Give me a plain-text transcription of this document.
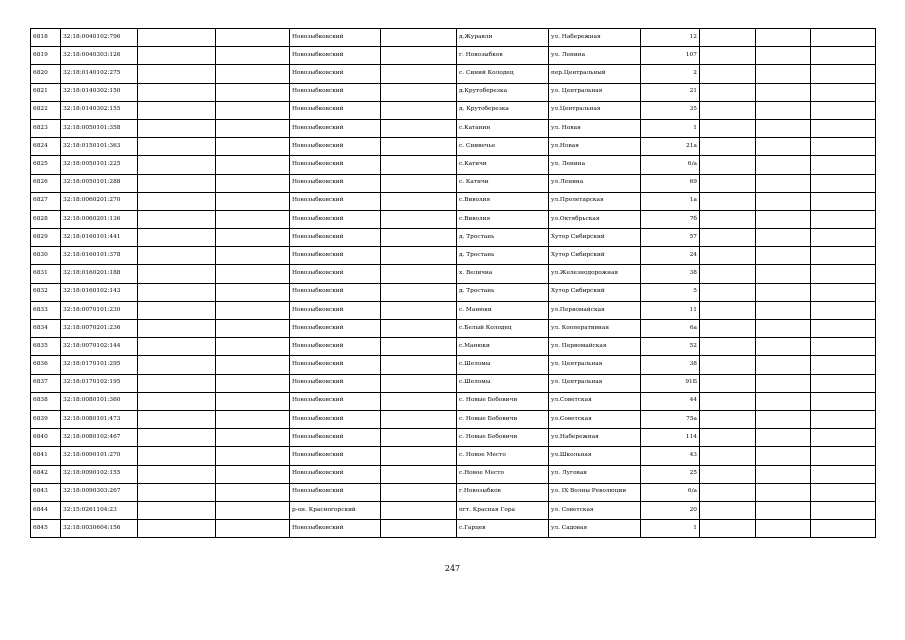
6818	32:18:0040102:796			Новозыбковский		д.Журавли	ул. Набережная	12			
6819	32:18:0040303:126			Новозыбковский		г. Новозыбков	ул. Ленина	107			
6820	32:18:0140102:275			Новозыбковский		с. Синий Колодец	пер.Центральный	2			
6821	32:18:0140302:150			Новозыбковский		д.Крутоберезка	ул. Центральная	21			
6822	32:18:0140302:155			Новозыбковский		д. Крутоберезка	ул.Центральная	35			
6823	32:18:0050101:358			Новозыбковский		с.Катанин	ул. Новая	1			
6824	32:18:0150101:363			Новозыбковский		с. Снивечье	ул.Новая	21а			
6825	32:18:0050101:225			Новозыбковский		с.Катичи	ул. Ленина	6/а			
6826	32:18:0050101:288			Новозыбковский		с. Катичи	ул.Ленина	69			
6827	32:18:0060201:270			Новозыбковский		с.Виволия	ул.Пролетарская	1а			
6828	32:18:0060201:136			Новозыбковский		с.Виволия	ул.Октябрьская	7б			
6829	32:18:0160101:441			Новозыбковский		д. Тростань	Хутор Сибирский	57			
6830	32:18:0160101:378			Новозыбковский		д. Тростань	Хутор Сибирский	24			
6831	32:18:0160201:188			Новозыбковский		х. Велична	ул.Железнодорожная	38			
6832	32:18:0160102:143			Новозыбковский		д. Тростань	Хутор Сибирский	5			
6833	32:18:0070101:230			Новозыбковский		с. Манюки	ул.Первомайская	11			
6834	32:18:0070201:236			Новозыбковский		с.Белый Колодец	ул. Кооперативная	6а			
6835	32:18:0070102:144			Новозыбковский		с.Манюки	ул. Первомайская	52			
6836	32:18:0170101:295			Новозыбковский		с.Шеломы	ул. Центральная	38			
6837	32:18:0170102:195			Новозыбковский		с.Шеломы	ул. Центральная	91Б			
6838	32:18:0080101:360			Новозыбковский		с. Новые Бобовичи	ул.Советская	44			
6839	32:18:0080101:473			Новозыбковский		с. Новые Бобовичи	ул.Советская	75а			
6840	32:18:0080102:467			Новозыбковский		с. Новые Бобовичи	ул.Набережная	114			
6841	32:18:0090101:270			Новозыбковский		с. Новое Место	ул.Школьная	43			
6842	32:18:0090102:155			Новозыбковский		с.Новое Место	ул. Луговая	25			
6843	32:18:0090303:267			Новозыбковский		г.Новозыбков	ул. IX Волны Революции	6/а			
6844	32:15:0261104:23			р-он. Красногорский		пгт. Красная Гора	ул. Советская	20			
6845	32:18:0030604:156			Новозыбковский		с.Гарцев	ул. Садовая	1			
247
